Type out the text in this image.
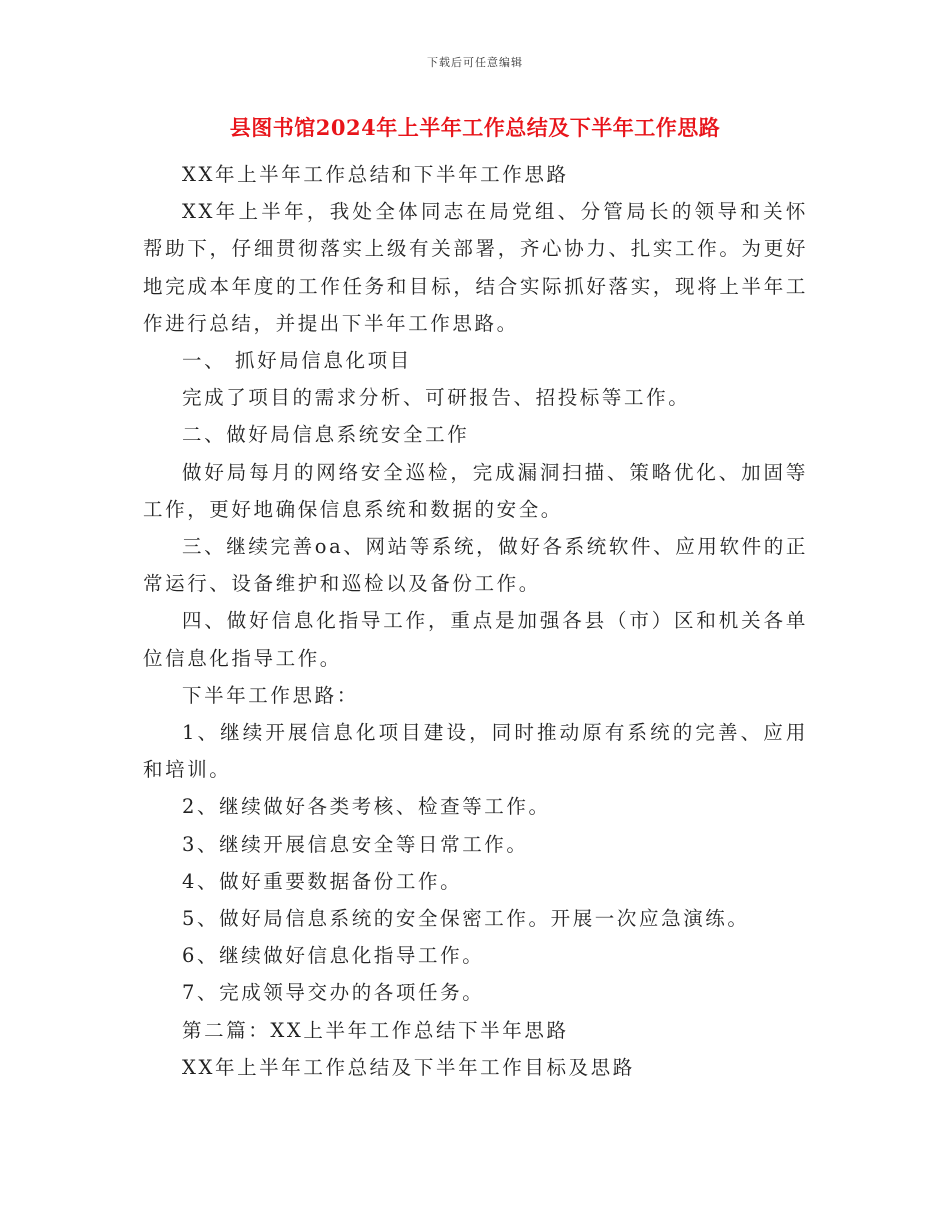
下载后可任意编辑
县图书馆2024年上半年工作总结及下半年工作思路

XX年上半年工作总结和下半年工作思路

XX年上半年，我处全体同志在局党组、分管局长的领导和关怀帮助下，仔细贯彻落实上级有关部署，齐心协力、扎实工作。为更好地完成本年度的工作任务和目标，结合实际抓好落实，现将上半年工作进行总结，并提出下半年工作思路。

一、 抓好局信息化项目

完成了项目的需求分析、可研报告、招投标等工作。

二、做好局信息系统安全工作

做好局每月的网络安全巡检，完成漏洞扫描、策略优化、加固等工作，更好地确保信息系统和数据的安全。

三、继续完善oa、网站等系统，做好各系统软件、应用软件的正常运行、设备维护和巡检以及备份工作。

四、做好信息化指导工作，重点是加强各县（市）区和机关各单位信息化指导工作。

下半年工作思路：

1、继续开展信息化项目建设，同时推动原有系统的完善、应用和培训。

2、继续做好各类考核、检查等工作。

3、继续开展信息安全等日常工作。

4、做好重要数据备份工作。

5、做好局信息系统的安全保密工作。开展一次应急演练。

6、继续做好信息化指导工作。

7、完成领导交办的各项任务。

第二篇：XX上半年工作总结下半年思路

XX年上半年工作总结及下半年工作目标及思路
